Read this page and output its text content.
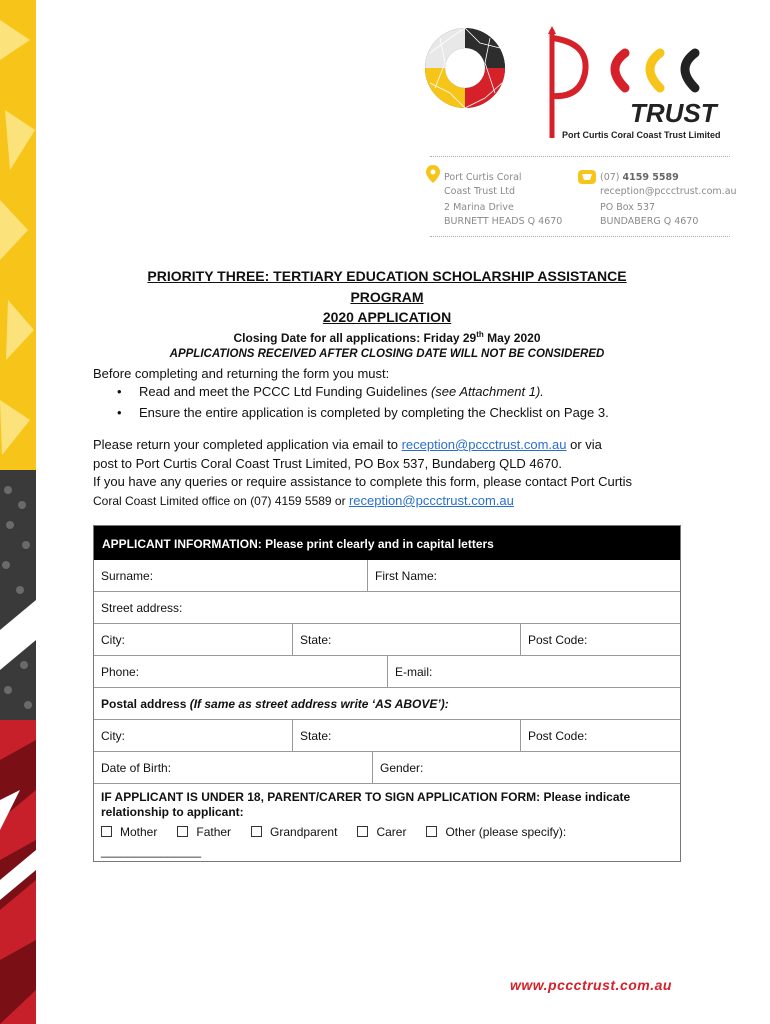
TRUST
Port Curtis Coral Coast Trust Limited
Port Curtis Coral
Coast Trust Ltd
2 Marina Drive
BURNETT HEADS Q 4670
(07) 4159 5589
reception@pccctrust.com.au
PO Box 537
BUNDABERG Q 4670
PRIORITY THREE: TERTIARY EDUCATION SCHOLARSHIP ASSISTANCE
PROGRAM
2020 APPLICATION
Closing Date for all applications: Friday 29th May 2020
APPLICATIONS RECEIVED AFTER CLOSING DATE WILL NOT BE CONSIDERED
Before completing and returning the form you must:
• Read and meet the PCCC Ltd Funding Guidelines (see Attachment 1).
• Ensure the entire application is completed by completing the Checklist on Page 3.
Please return your completed application via email to reception@pccctrust.com.au or via
post to Port Curtis Coral Coast Trust Limited, PO Box 537, Bundaberg QLD 4670.
If you have any queries or require assistance to complete this form, please contact Port Curtis
Coral Coast Limited office on (07) 4159 5589 or reception@pccctrust.com.au
APPLICANT INFORMATION: Please print clearly and in capital letters
Surname:	First Name:
Street address:
City:	State:	Post Code:
Phone:	E-mail:
Postal address (If same as street address write ‘AS ABOVE’):
City:	State:	Post Code:
Date of Birth:	Gender:
IF APPLICANT IS UNDER 18, PARENT/CARER TO SIGN APPLICATION FORM: Please indicate relationship to applicant:
Mother	Father	Grandparent	Carer	Other (please specify):
_______________
www.pccctrust.com.au
